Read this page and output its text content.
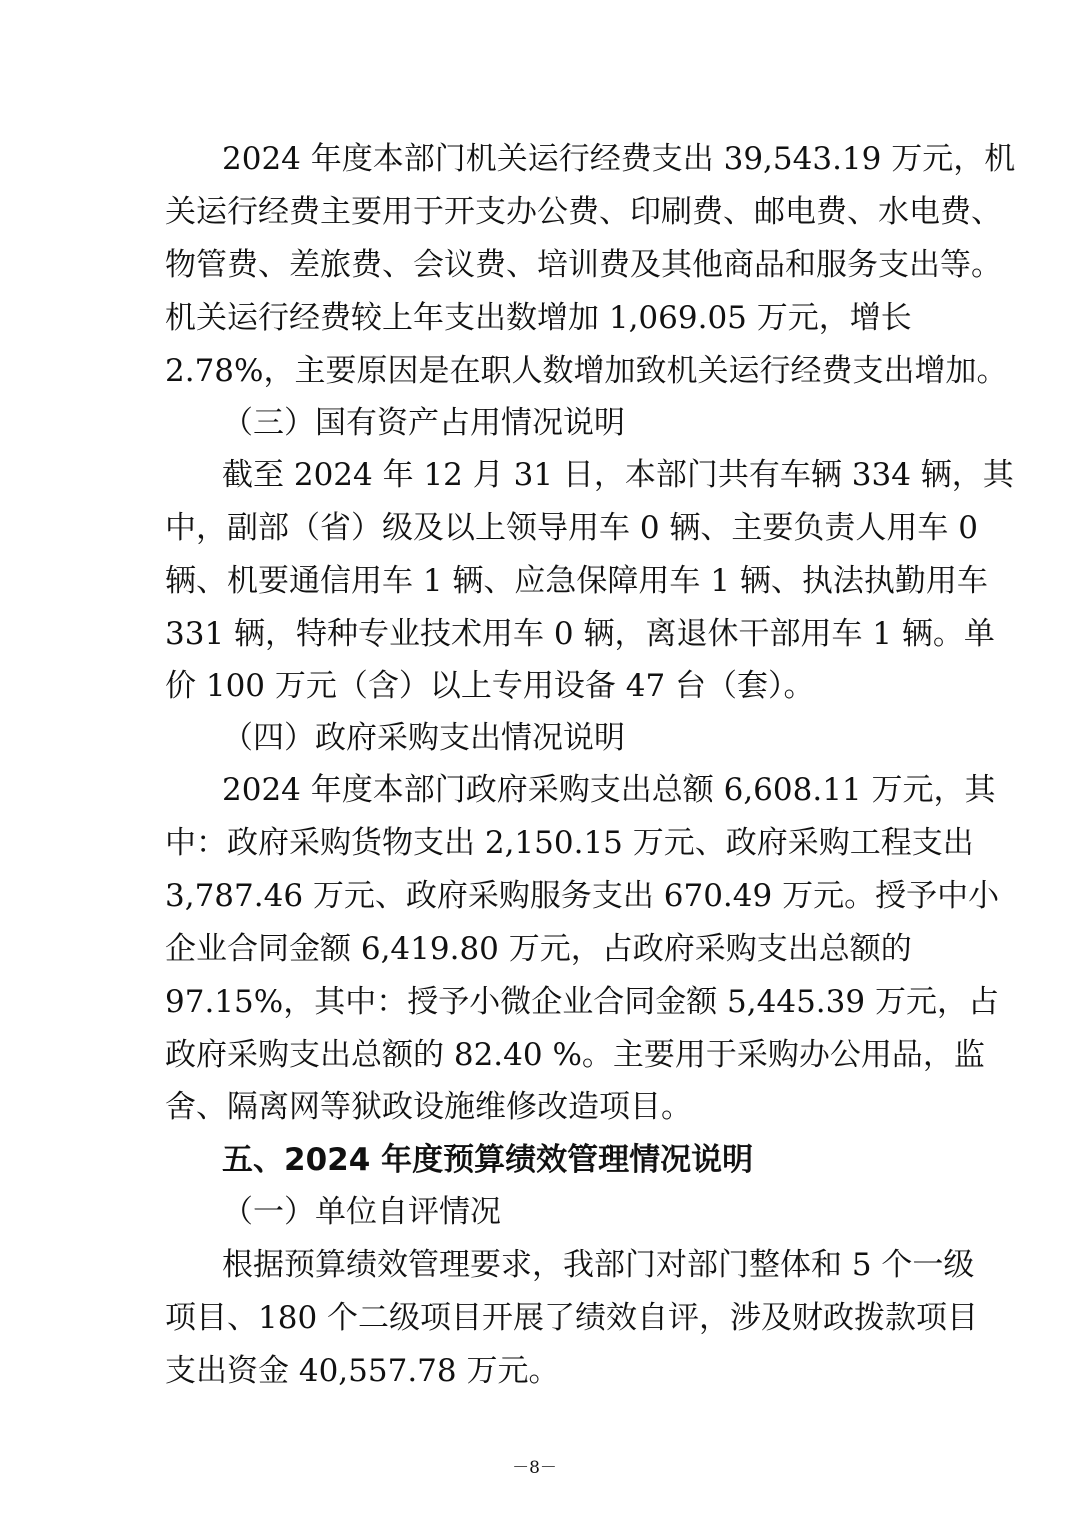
2024 年度本部门机关运行经费支出 39,543.19 万元，机
关运行经费主要用于开支办公费、印刷费、邮电费、水电费、
物管费、差旅费、会议费、培训费及其他商品和服务支出等。
机关运行经费较上年支出数增加 1,069.05 万元，增长
2.78%，主要原因是在职人数增加致机关运行经费支出增加。
（三）国有资产占用情况说明
截至 2024 年 12 月 31 日，本部门共有车辆 334 辆，其
中，副部（省）级及以上领导用车 0 辆、主要负责人用车 0
辆、机要通信用车 1 辆、应急保障用车 1 辆、执法执勤用车
331 辆，特种专业技术用车 0 辆，离退休干部用车 1 辆。单
价 100 万元（含）以上专用设备 47 台（套）。
（四）政府采购支出情况说明
2024 年度本部门政府采购支出总额 6,608.11 万元，其
中：政府采购货物支出 2,150.15 万元、政府采购工程支出
3,787.46 万元、政府采购服务支出 670.49 万元。授予中小
企业合同金额 6,419.80 万元，占政府采购支出总额的
97.15%，其中：授予小微企业合同金额 5,445.39 万元，占
政府采购支出总额的 82.40 %。主要用于采购办公用品，监
舍、隔离网等狱政设施维修改造项目。
五、2024 年度预算绩效管理情况说明
（一）单位自评情况
根据预算绩效管理要求，我部门对部门整体和 5 个一级
项目、180 个二级项目开展了绩效自评，涉及财政拨款项目
支出资金 40,557.78 万元。
－8－
